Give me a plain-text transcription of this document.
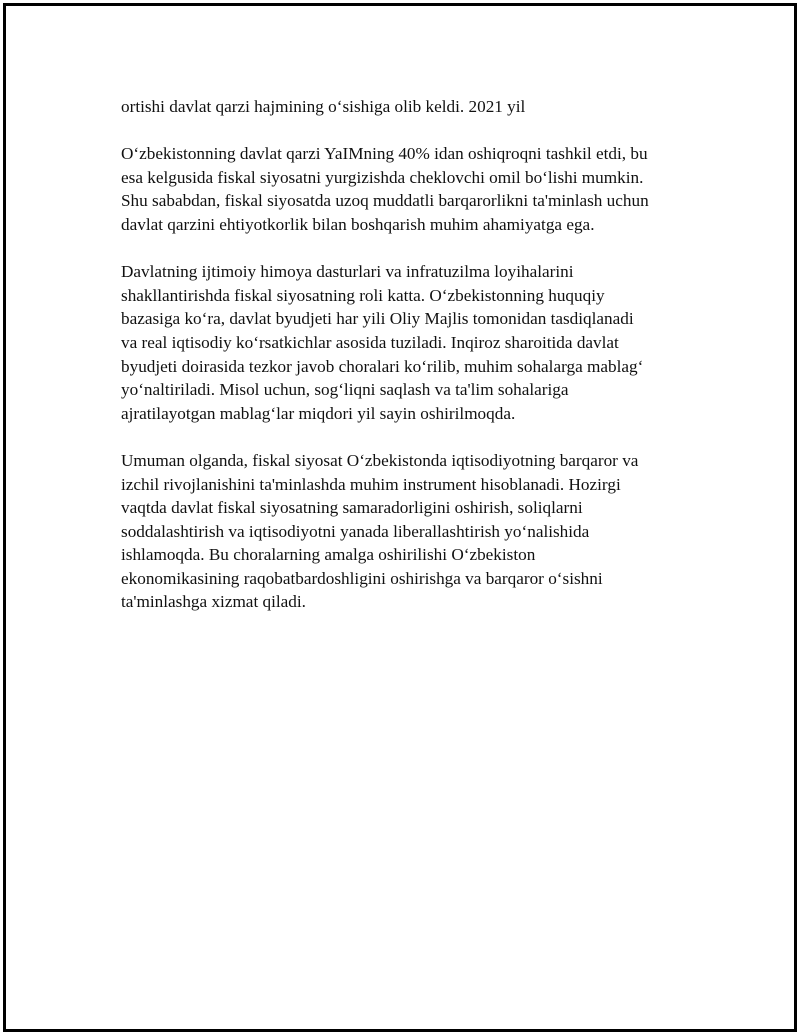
ortishi davlat qarzi hajmining o‘sishiga olib keldi. 2021 yil

O‘zbekistonning davlat qarzi YaIMning 40% idan oshiqroqni tashkil etdi, bu
esa kelgusida fiskal siyosatni yurgizishda cheklovchi omil bo‘lishi mumkin.
Shu sababdan, fiskal siyosatda uzoq muddatli barqarorlikni ta'minlash uchun
davlat qarzini ehtiyotkorlik bilan boshqarish muhim ahamiyatga ega.

Davlatning ijtimoiy himoya dasturlari va infratuzilma loyihalarini
shakllantirishda fiskal siyosatning roli katta. O‘zbekistonning huquqiy
bazasiga ko‘ra, davlat byudjeti har yili Oliy Majlis tomonidan tasdiqlanadi
va real iqtisodiy ko‘rsatkichlar asosida tuziladi. Inqiroz sharoitida davlat
byudjeti doirasida tezkor javob choralari ko‘rilib, muhim sohalarga mablag‘
yo‘naltiriladi. Misol uchun, sog‘liqni saqlash va ta'lim sohalariga
ajratilayotgan mablag‘lar miqdori yil sayin oshirilmoqda.

Umuman olganda, fiskal siyosat O‘zbekistonda iqtisodiyotning barqaror va
izchil rivojlanishini ta'minlashda muhim instrument hisoblanadi. Hozirgi
vaqtda davlat fiskal siyosatning samaradorligini oshirish, soliqlarni
soddalashtirish va iqtisodiyotni yanada liberallashtirish yo‘nalishida
ishlamoqda. Bu choralarning amalga oshirilishi O‘zbekiston
ekonomikasining raqobatbardoshligini oshirishga va barqaror o‘sishni
ta'minlashga xizmat qiladi.
